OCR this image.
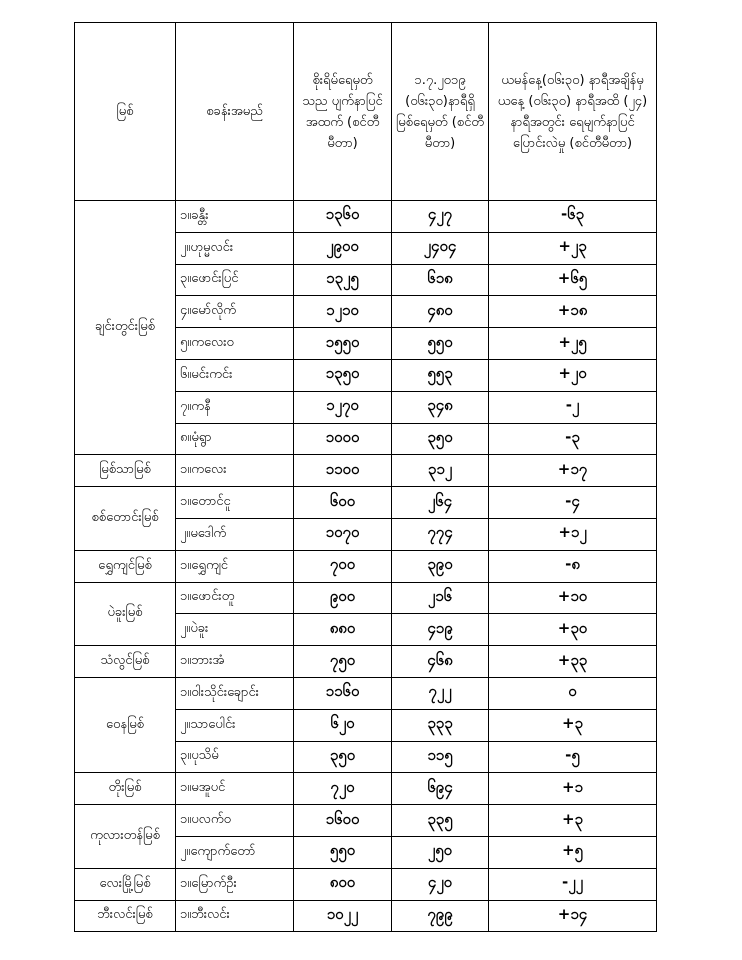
မြစ်	စခန်းအမည်	စိုးရိမ်ရေမှတ် သည ပျက်နာပြင် အထက် (စင်တီမီတာ)	၁.၇.၂၀၁၉ (၀၆း၃၀)နာရီရှိ မြစ်ရေမှတ် (စင်တီမီတာ)	ယမန်နေ့(၀၆း၃၀) နာရီအချိန်မှ ယနေ့ (၀၆း၃၀) နာရီအထိ (၂၄) နာရီအတွင်း ရေမျက်နာပြင်ပြောင်းလဲမှု (စင်တီမီတာ)
ချင်းတွင်းမြစ်	၁။ခန္တီး	၁၃၆၀	၄၂၇	-၆၃
	၂။ဟုမ္မလင်း	၂၉၀၀	၂၄၀၄	+၂၃
	၃။ဖောင်းပြင်	၁၃၂၅	၆၁၈	+၆၅
	၄။မော်လိုက်	၁၂၁၀	၄၈၀	+၁၈
	၅။ကလေးဝ	၁၅၅၀	၅၅၀	+၂၅
	၆။မင်းကင်း	၁၃၅၀	၅၅၃	+၂၀
	၇။ကနီ	၁၂၇၀	၃၄၈	-၂
	၈။မုံရွာ	၁၀၀၀	၃၅၀	-၃
မြစ်သာမြစ်	၁။ကလေး	၁၁၀၀	၃၁၂	+၁၇
စစ်တောင်းမြစ်	၁။တောင်ငူ	၆၀၀	၂၆၄	-၄
	၂။မဒေါက်	၁၀၇၀	၇၇၄	+၁၂
ရွှေကျင်မြစ်	၁။ရွှေကျင်	၇၀၀	၃၉၀	-၈
ပဲခူးမြစ်	၁။ဖောင်းတူ	၉၀၀	၂၁၆	+၁၀
	၂။ပဲခူး	၈၈၀	၄၁၉	+၃၀
သံလွင်မြစ်	၁။ဘားအံ	၇၅၀	၄၆၈	+၃၃
ဝေနမြစ်	၁။ဝါးသိုင်းချောင်း	၁၁၆၀	၇၂၂	၀
	၂။သာပေါင်း	၆၂၀	၃၃၃	+၃
	၃။ပုသိမ်	၃၅၀	၁၁၅	-၅
တိုးမြစ်	၁။မအူပင်	၇၂၀	၆၉၄	+၁
ကုလားတန်မြစ်	၁။ပလက်ဝ	၁၆၀၀	၃၃၅	+၃
	၂။ကျောက်တော်	၅၅၀	၂၅၀	+၅
လေးမြို့မြစ်	၁။မြောက်ဦး	၈၀၀	၄၂၀	-၂၂
ဘီးလင်းမြစ်	၁။ဘီးလင်း	၁၀၂၂	၇၉၉	+၁၄
